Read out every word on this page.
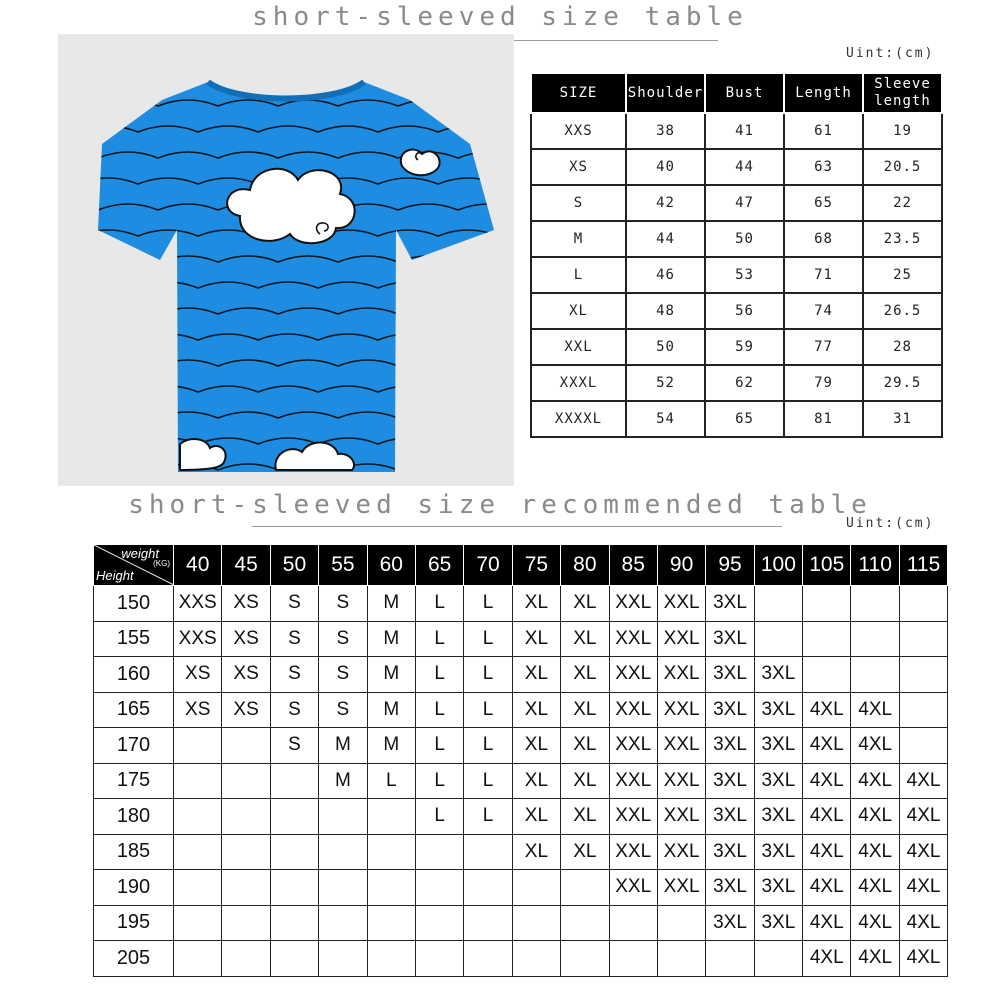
short-sleeved size table
Uint:(cm)
SIZE	Shoulder	Bust	Length	Sleeve length
XXS	38	41	61	19
XS	40	44	63	20.5
S	42	47	65	22
M	44	50	68	23.5
L	46	53	71	25
XL	48	56	74	26.5
XXL	50	59	77	28
XXXL	52	62	79	29.5
XXXXL	54	65	81	31
short-sleeved size recommended table
Uint:(cm)
weight
(KG)
Height	40	45	50	55	60	65	70	75	80	85	90	95	100	105	110	115
150	XXS	XS	S	S	M	L	L	XL	XL	XXL	XXL	3XL				
155	XXS	XS	S	S	M	L	L	XL	XL	XXL	XXL	3XL				
160	XS	XS	S	S	M	L	L	XL	XL	XXL	XXL	3XL	3XL			
165	XS	XS	S	S	M	L	L	XL	XL	XXL	XXL	3XL	3XL	4XL	4XL	
170			S	M	M	L	L	XL	XL	XXL	XXL	3XL	3XL	4XL	4XL	
175				M	L	L	L	XL	XL	XXL	XXL	3XL	3XL	4XL	4XL	4XL
180						L	L	XL	XL	XXL	XXL	3XL	3XL	4XL	4XL	4XL
185								XL	XL	XXL	XXL	3XL	3XL	4XL	4XL	4XL
190										XXL	XXL	3XL	3XL	4XL	4XL	4XL
195												3XL	3XL	4XL	4XL	4XL
205														4XL	4XL	4XL
